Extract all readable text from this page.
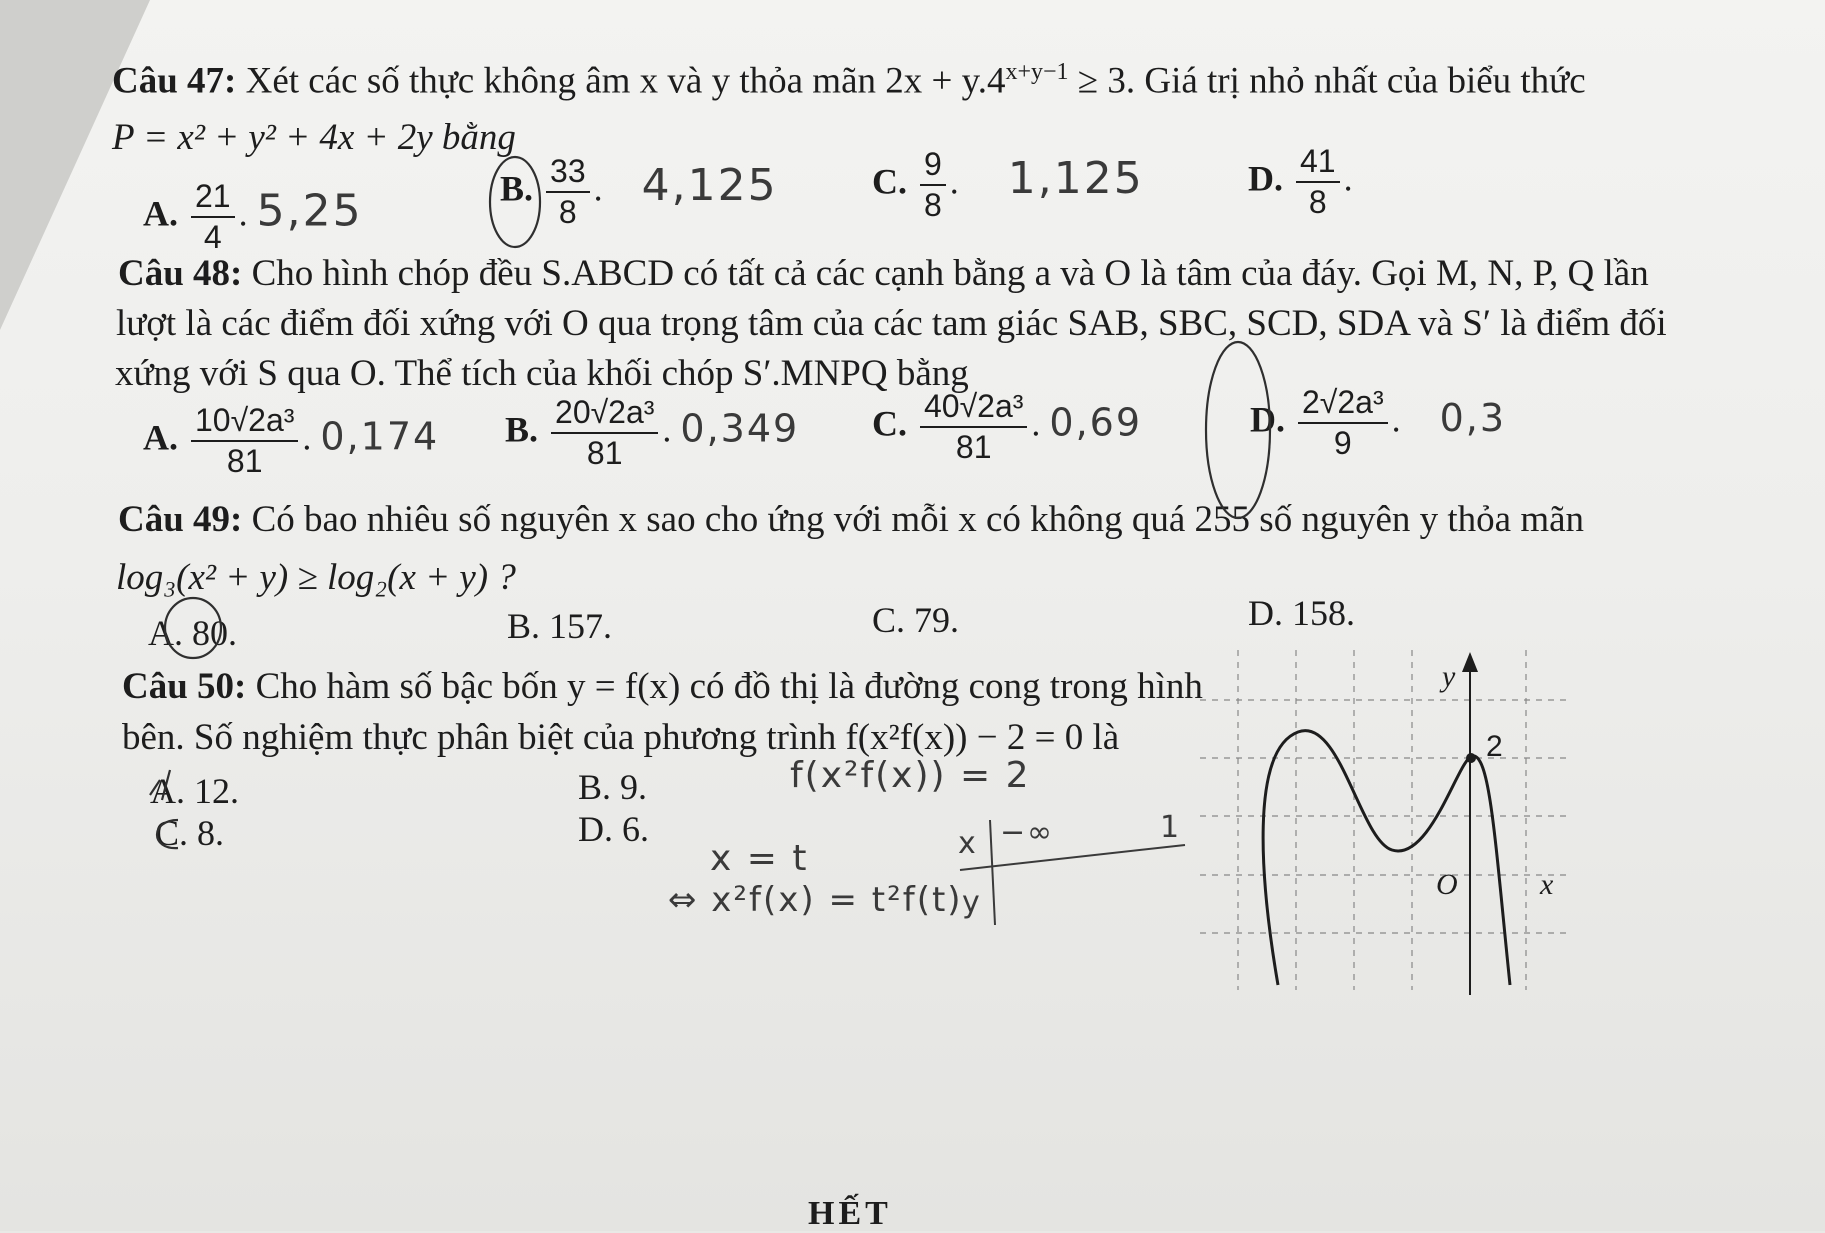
Câu 47: Xét các số thực không âm x và y thỏa mãn $2x + y.4^{x+y-1} \ge 3$. Giá trị nhỏ nhất của biểu thức
P = x² + y² + 4x + 2y bằng
A. $\frac{21}{4}$ . 5,25	B. $\frac{33}{8}$ . 4,125	C. $\frac{9}{8}$ . 1,125	D. $\frac{41}{8}$ .
Câu 48: Cho hình chóp đều S.ABCD có tất cả các cạnh bằng a và O là tâm của đáy. Gọi M, N, P, Q lần
lượt là các điểm đối xứng với O qua trọng tâm của các tam giác SAB, SBC, SCD, SDA và S′ là điểm đối
xứng với S qua O. Thể tích của khối chóp S′.MNPQ bằng
A. $\frac{\text{10√2a³}}{81}$ . 0,174 B. $\frac{\text{20√2a³}}{81}$ . 0,349 C. $\frac{\text{40√2a³}}{81}$ . 0,69	D. $\frac{\text{2√2a³}}{9}$ . 0,3
Câu 49: Có bao nhiêu số nguyên x sao cho ứng với mỗi x có không quá 255 số nguyên y thỏa mãn
log₃(x² + y) ≥ log₂(x + y) ?
A. 80.	B. 157.	C. 79.	D. 158.
Câu 50: Cho hàm số bậc bốn y = f(x) có đồ thị là đường cong trong hình
bên. Số nghiệm thực phân biệt của phương trình f(x²f(x)) − 2 = 0 là
A. 12.	B. 9.
C. 8.	D. 6.
f(x²f(x)) = 2
x = t
⇔ x²f(x) = t²f(t)
x
y
−∞	1
y
2
O	x
HẾT
